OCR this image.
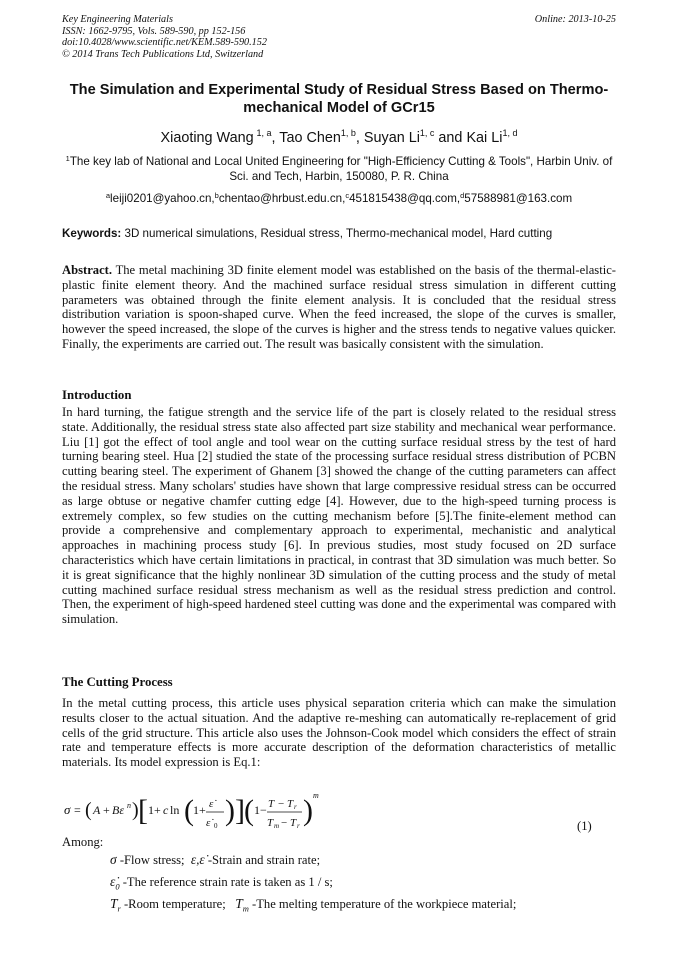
Key Engineering Materials	Online: 2013-10-25
ISSN: 1662-9795, Vols. 589-590, pp 152-156
doi:10.4028/www.scientific.net/KEM.589-590.152
© 2014 Trans Tech Publications Ltd, Switzerland
The Simulation and Experimental Study of Residual Stress Based on Thermo-mechanical Model of GCr15
Xiaoting Wang  $^{1, a}$, Tao Chen$^{1, b}$, Suyan Li$^{1, c}$ and Kai Li$^{1, d}$
$^1$The key lab of National and Local United Engineering for "High-Efficiency Cutting & Tools", Harbin Univ. of Sci. and Tech, Harbin, 150080, P. R. China
$^a$leiji0201@yahoo.cn,$^b$chentao@hrbust.edu.cn,$^c$451815438@qq.com,$^d$57588981@163.com
Keywords: 3D numerical simulations, Residual stress, Thermo-mechanical model, Hard cutting
Abstract. The metal machining 3D finite element model was established on the basis of the thermal-elastic-plastic finite element theory. And the machined surface residual stress simulation in different cutting parameters was obtained through the finite element analysis. It is concluded that the residual stress distribution variation is spoon-shaped curve. When the feed increased, the slope of the curves is smaller, however the speed increased, the slope of the curves is higher and the stress tends to negative values quicker. Finally, the experiments are carried out. The result was basically consistent with the simulation.
Introduction
In hard turning, the fatigue strength and the service life of the part is closely related to the residual stress state. Additionally, the residual stress state also affected part size stability and mechanical wear performance. Liu [1] got the effect of tool angle and tool wear on the cutting surface residual stress by the test of hard turning bearing steel. Hua [2] studied the state of the processing surface residual stress distribution of PCBN cutting bearing steel. The experiment of Ghanem [3] showed the change of the cutting parameters can affect the residual stress. Many scholars' studies have shown that large compressive residual stress can be occurred as large obtuse or negative chamfer cutting edge [4]. However, due to the high-speed turning process is extremely complex, so few studies on the cutting mechanism before [5].The finite-element method can provide a comprehensive and complementary approach to experimental, mechanistic and analytical approaches in machining process study [6]. In previous studies, most study focused on 2D surface characteristics which have certain limitations in practical, in contrast that 3D simulation was much better. So it is great significance that the highly nonlinear 3D simulation of the cutting process and the study of metal cutting machined surface residual stress mechanism as well as the residual stress prediction and control. Then, the experiment of high-speed hardened steel cutting was done and the experimental was compared with simulation.
The Cutting Process
In the metal cutting process, this article uses physical separation criteria which can make the simulation results closer to the actual situation. And the adaptive re-meshing can automatically re-replacement of grid cells of the grid structure. This article also uses the Johnson-Cook model which considers the effect of strain rate and temperature effects is more accurate description of the deformation characteristics of metallic materials. Its model expression is Eq.1:
σ = ( A + Bε n ) [ 1+ c ln ( 1+ ε̇
ε̇ 0 ) ] ( 1− T − T r
T m − T r ) m
(1)
Among:
σ -Flow stress; ε,ε̇ -Strain and strain rate;
$\varepsiloṅ_0$ -The reference strain rate is taken as 1 / s;
$T_r$ -Room temperature; $T_m$ -The melting temperature of the workpiece material;
